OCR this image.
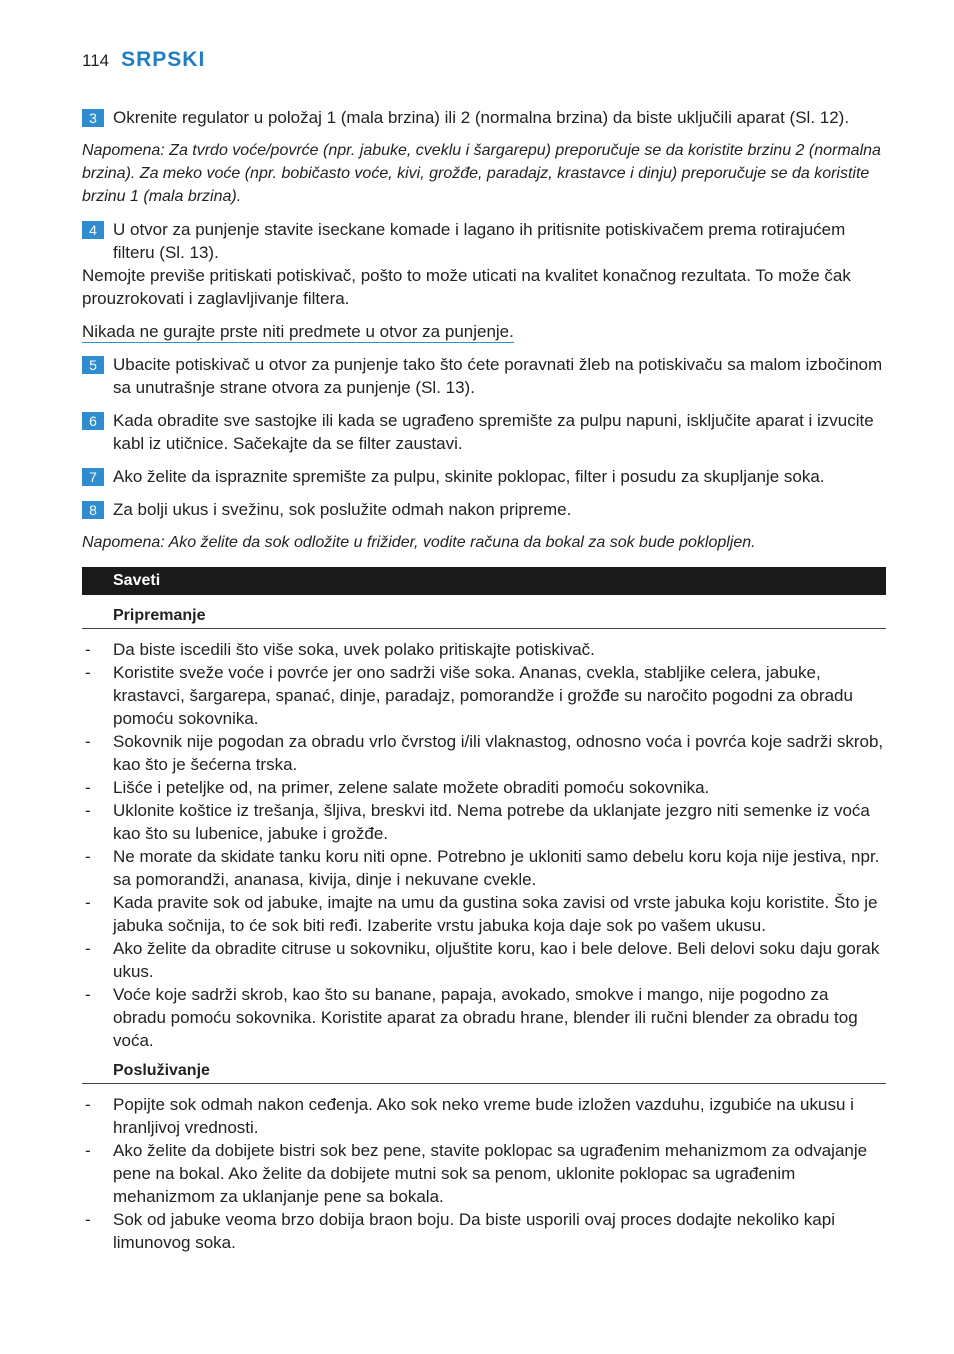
114 SRPSKI
3 Okrenite regulator u položaj 1 (mala brzina) ili 2 (normalna brzina) da biste uključili aparat (Sl. 12).
Napomena: Za tvrdo voće/povrće (npr. jabuke, cveklu i šargarepu) preporučuje se da koristite brzinu 2 (normalna brzina). Za meko voće (npr. bobičasto voće, kivi, grožđe, paradajz, krastavce i dinju) preporučuje se da koristite brzinu 1 (mala brzina).
4 U otvor za punjenje stavite iseckane komade i lagano ih pritisnite potiskivačem prema rotirajućem filteru (Sl. 13).
Nemojte previše pritiskati potiskivač, pošto to može uticati na kvalitet konačnog rezultata. To može čak prouzrokovati i zaglavljivanje filtera.
Nikada ne gurajte prste niti predmete u otvor za punjenje.
5 Ubacite potiskivač u otvor za punjenje tako što ćete poravnati žleb na potiskivaču sa malom izbočinom sa unutrašnje strane otvora za punjenje (Sl. 13).
6 Kada obradite sve sastojke ili kada se ugrađeno spremište za pulpu napuni, isključite aparat i izvucite kabl iz utičnice. Sačekajte da se filter zaustavi.
7 Ako želite da ispraznite spremište za pulpu, skinite poklopac, filter i posudu za skupljanje soka.
8 Za bolji ukus i svežinu, sok poslužite odmah nakon pripreme.
Napomena: Ako želite da sok odložite u frižider, vodite računa da bokal za sok bude poklopljen.
Saveti
Pripremanje
- Da biste iscedili što više soka, uvek polako pritiskajte potiskivač.
- Koristite sveže voće i povrće jer ono sadrži više soka. Ananas, cvekla, stabljike celera, jabuke, krastavci, šargarepa, spanać, dinje, paradajz, pomorandže i grožđe su naročito pogodni za obradu pomoću sokovnika.
- Sokovnik nije pogodan za obradu vrlo čvrstog i/ili vlaknastog, odnosno voća i povrća koje sadrži skrob, kao što je šećerna trska.
- Lišće i peteljke od, na primer, zelene salate možete obraditi pomoću sokovnika.
- Uklonite koštice iz trešanja, šljiva, breskvi itd. Nema potrebe da uklanjate jezgro niti semenke iz voća kao što su lubenice, jabuke i grožđe.
- Ne morate da skidate tanku koru niti opne. Potrebno je ukloniti samo debelu koru koja nije jestiva, npr. sa pomorandži, ananasa, kivija, dinje i nekuvane cvekle.
- Kada pravite sok od jabuke, imajte na umu da gustina soka zavisi od vrste jabuka koju koristite. Što je jabuka sočnija, to će sok biti ređi. Izaberite vrstu jabuka koja daje sok po vašem ukusu.
- Ako želite da obradite citruse u sokovniku, oljuštite koru, kao i bele delove. Beli delovi soku daju gorak ukus.
- Voće koje sadrži skrob, kao što su banane, papaja, avokado, smokve i mango, nije pogodno za obradu pomoću sokovnika. Koristite aparat za obradu hrane, blender ili ručni blender za obradu tog voća.
Posluživanje
- Popijte sok odmah nakon ceđenja. Ako sok neko vreme bude izložen vazduhu, izgubiće na ukusu i hranljivoj vrednosti.
- Ako želite da dobijete bistri sok bez pene, stavite poklopac sa ugrađenim mehanizmom za odvajanje pene na bokal. Ako želite da dobijete mutni sok sa penom, uklonite poklopac sa ugrađenim mehanizmom za uklanjanje pene sa bokala.
- Sok od jabuke veoma brzo dobija braon boju. Da biste usporili ovaj proces dodajte nekoliko kapi limunovog soka.
